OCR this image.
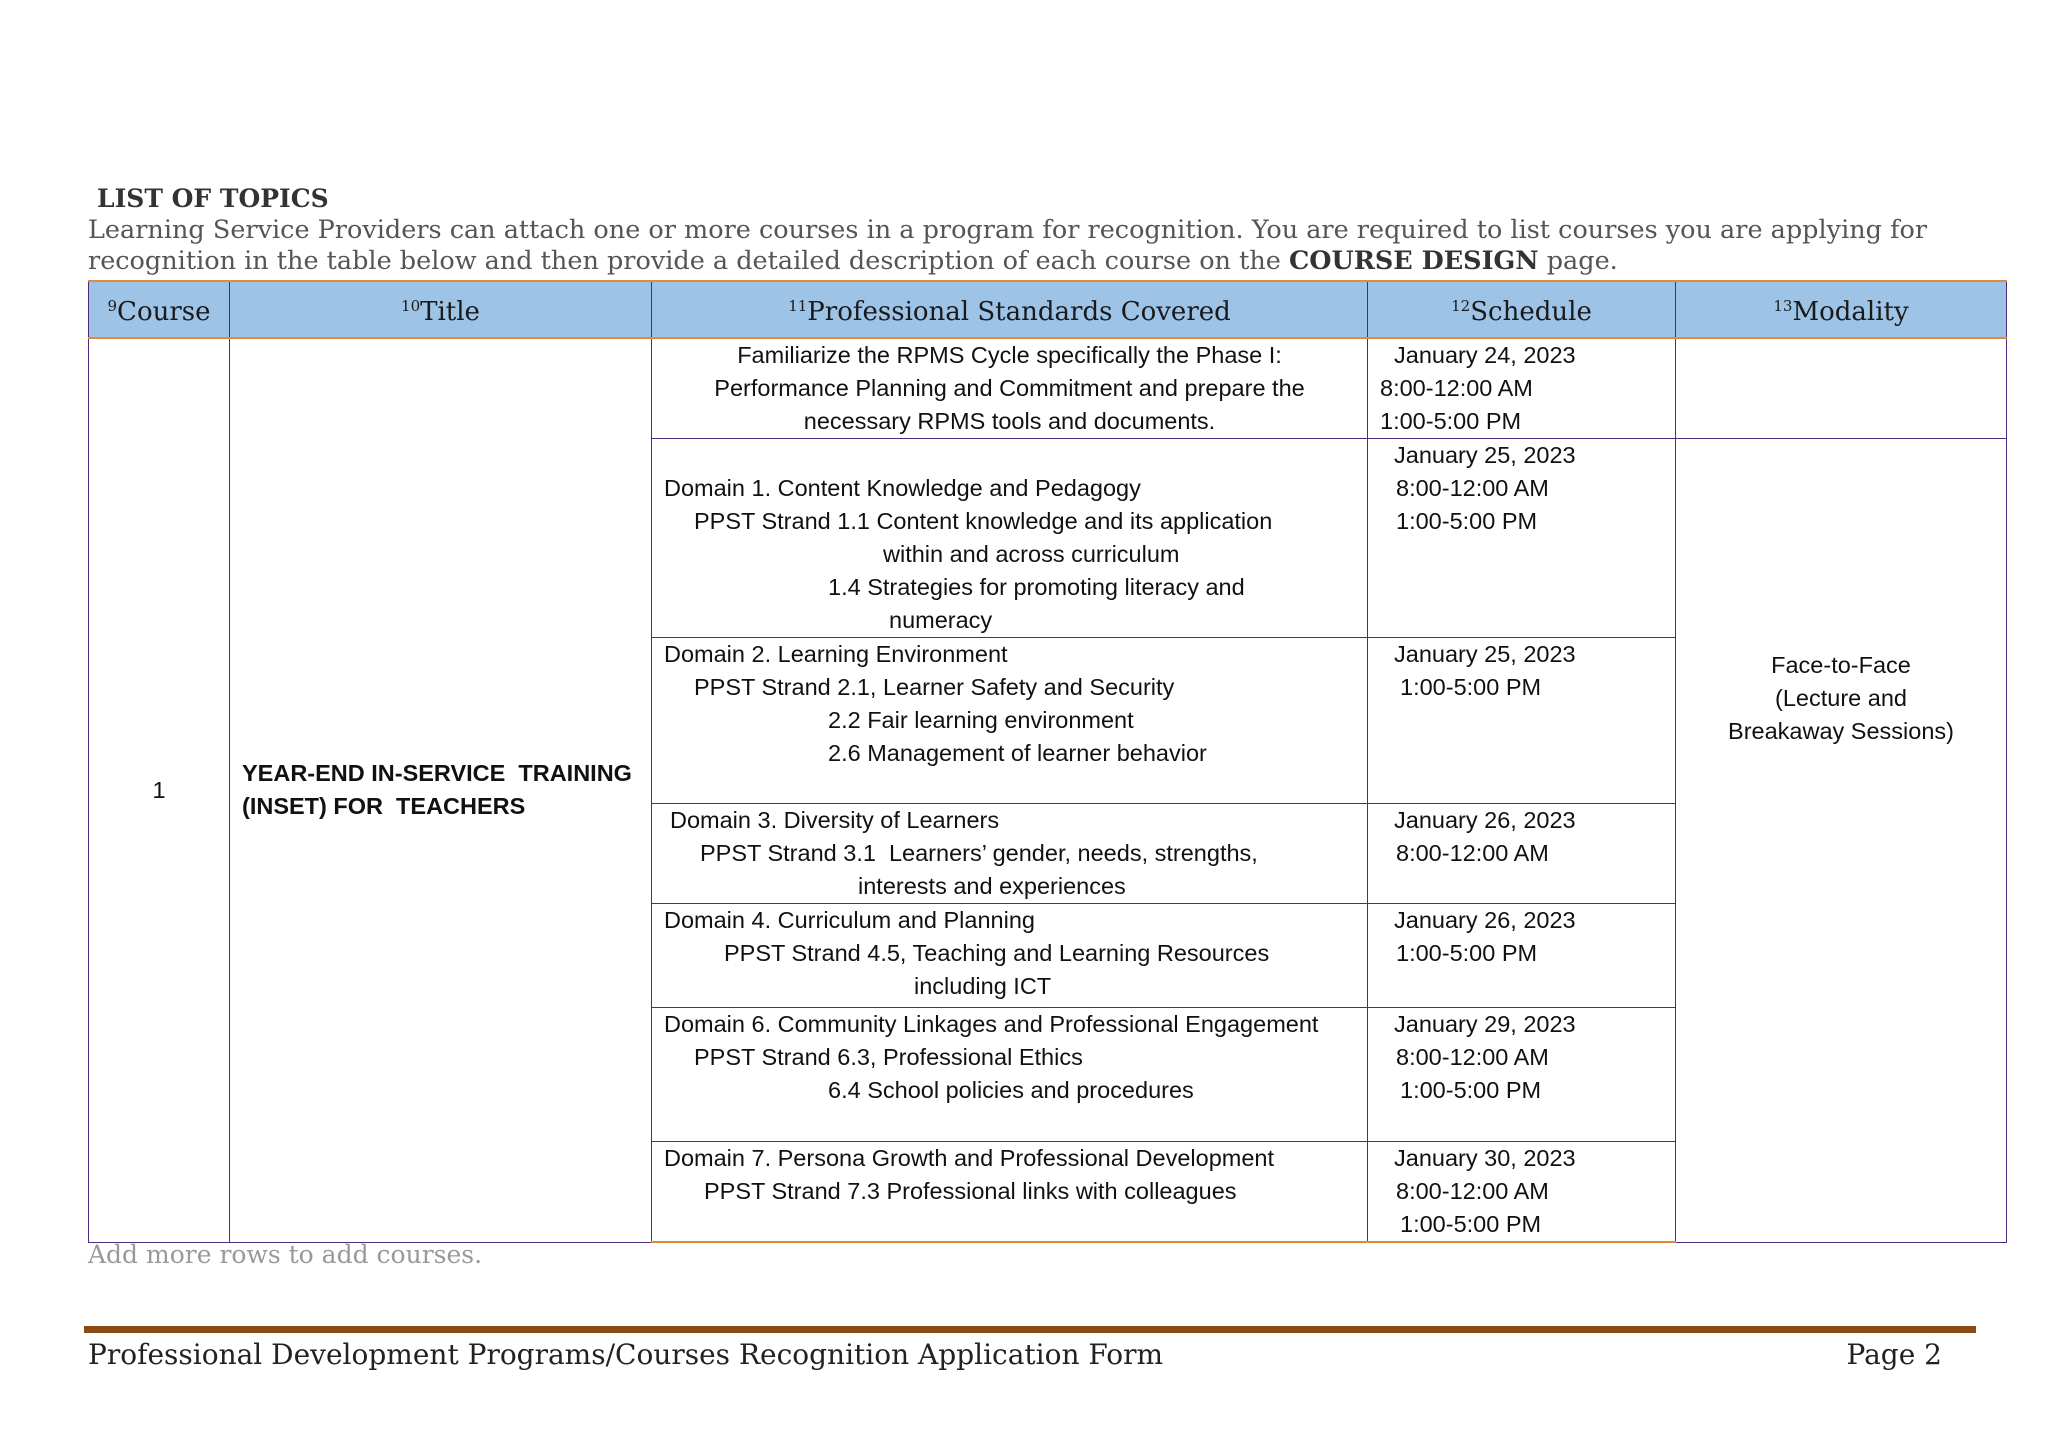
LIST OF TOPICS

Learning Service Providers can attach one or more courses in a program for recognition. You are required to list courses you are applying for recognition in the table below and then provide a detailed description of each course on the COURSE DESIGN page.

$^9$Course	$^{10}$Title	$^{11}$Professional Standards Covered	$^{12}$Schedule	$^{13}$Modality
1	YEAR-END IN-SERVICE  TRAINING
(INSET) FOR  TEACHERS	Familiarize the RPMS Cycle specifically the Phase I:
Performance Planning and Commitment and prepare the
necessary RPMS tools and documents.	January 24, 2023
8:00-12:00 AM
1:00-5:00 PM	

		Domain 1. Content Knowledge and Pedagogy
PPST Strand 1.1 Content knowledge and its application
within and across curriculum
1.4 Strategies for promoting literacy and
numeracy	January 25, 2023
8:00-12:00 AM
1:00-5:00 PM	Face-to-Face
(Lecture and
Breakaway Sessions)

		Domain 2. Learning Environment
PPST Strand 2.1, Learner Safety and Security
2.2 Fair learning environment
2.6 Management of learner behavior	January 25, 2023
1:00-5:00 PM	

		Domain 3. Diversity of Learners
PPST Strand 3.1  Learners’ gender, needs, strengths,
interests and experiences	January 26, 2023
8:00-12:00 AM	

		Domain 4. Curriculum and Planning
PPST Strand 4.5, Teaching and Learning Resources
including ICT	January 26, 2023
1:00-5:00 PM	

		Domain 6. Community Linkages and Professional Engagement
PPST Strand 6.3, Professional Ethics
6.4 School policies and procedures	January 29, 2023
8:00-12:00 AM
1:00-5:00 PM	

		Domain 7. Persona Growth and Professional Development
PPST Strand 7.3 Professional links with colleagues	January 30, 2023
8:00-12:00 AM
1:00-5:00 PM	
Add more rows to add courses.
Professional Development Programs/Courses Recognition Application Form	Page 2
